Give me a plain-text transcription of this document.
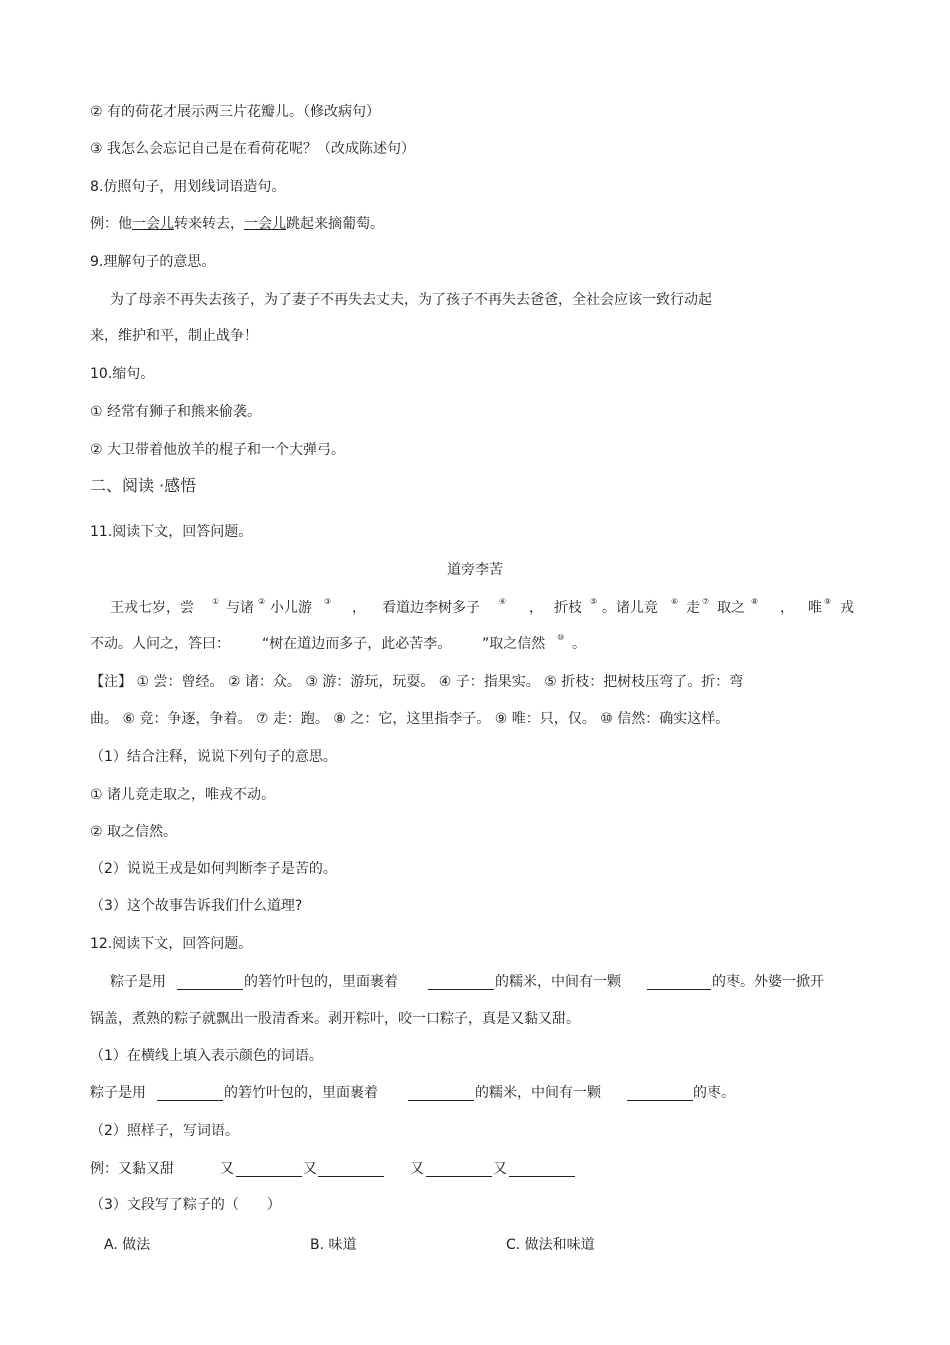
② 有的荷花才展示两三片花瓣儿。（修改病句）
③ 我怎么会忘记自己是在看荷花呢？（改成陈述句）
8.仿照句子，用划线词语造句。
例：他一会儿转来转去，一会儿跳起来摘葡萄。
9.理解句子的意思。
为了母亲不再失去孩子，为了妻子不再失去丈夫，为了孩子不再失去爸爸，全社会应该一致行动起
来，维护和平，制止战争！
10.缩句。
① 经常有狮子和熊来偷袭。
② 大卫带着他放羊的棍子和一个大弹弓。
二、阅读 ·感悟
11.阅读下文，回答问题。
道旁李苦
王戎七岁，尝 ① 与诸 ② 小儿游 ③ ， 看道边李树多子 ④ ， 折枝 ⑤ 。诸儿竞 ⑥ 走 ⑦ 取之 ⑧ ， 唯 ⑨ 戎
不动。人问之，答曰： “树在道边而多子，此必苦李。 ”取之信然 ⑩ 。
【注】 ① 尝：曾经。 ② 诸：众。 ③ 游：游玩，玩耍。 ④ 子：指果实。 ⑤ 折枝：把树枝压弯了。折：弯
曲。 ⑥ 竞：争逐，争着。 ⑦ 走：跑。 ⑧ 之：它，这里指李子。 ⑨ 唯：只，仅。 ⑩ 信然：确实这样。
（1）结合注释，说说下列句子的意思。
① 诸儿竞走取之，唯戎不动。
② 取之信然。
（2）说说王戎是如何判断李子是苦的。
（3）这个故事告诉我们什么道理?
12.阅读下文，回答问题。
粽子是用	的箬竹叶包的，里面裹着	的糯米，中间有一颗	的枣。外婆一掀开
锅盖，煮熟的粽子就飘出一股清香来。剥开粽叶，咬一口粽子，真是又黏又甜。
（1）在横线上填入表示颜色的词语。
粽子是用	的箬竹叶包的，里面裹着	的糯米，中间有一颗	的枣。
（2）照样子，写词语。
例：又黏又甜	又	又	又	又
（3）文段写了粽子的（　　）
A. 做法	B. 味道	C. 做法和味道
